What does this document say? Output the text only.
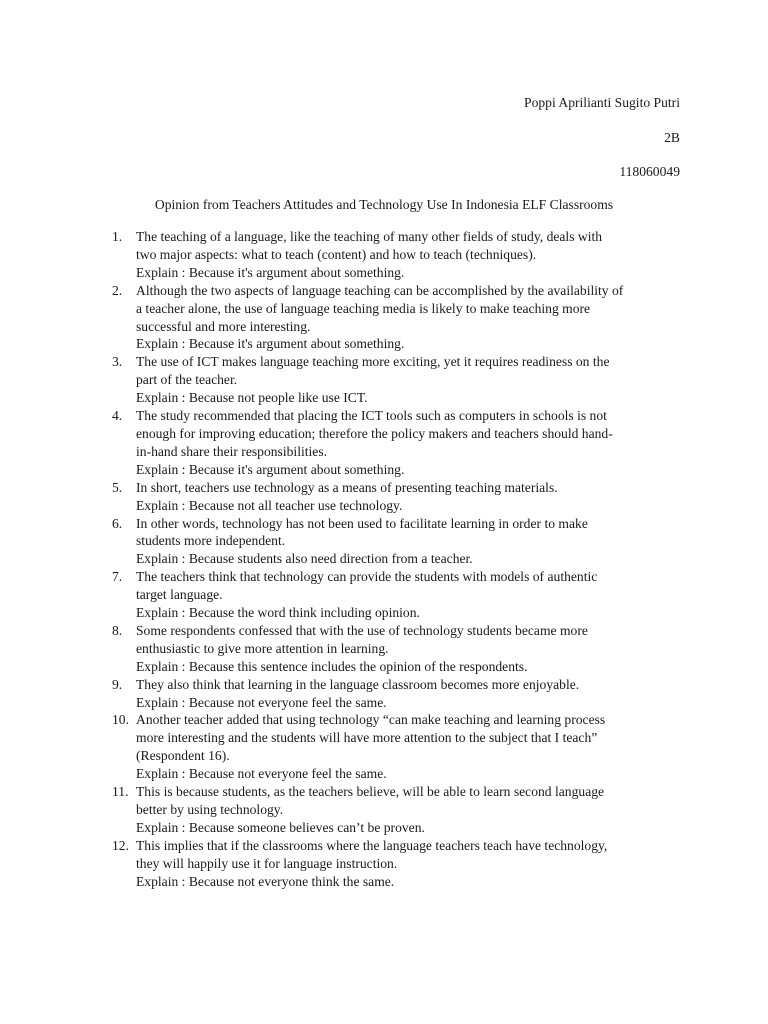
Poppi Aprilianti Sugito Putri
2B
118060049
Opinion from Teachers Attitudes and Technology Use In Indonesia ELF Classrooms
1. The teaching of a language, like the teaching of many other fields of study, deals with
two major aspects: what to teach (content) and how to teach (techniques).
Explain : Because it's argument about something.
2. Although the two aspects of language teaching can be accomplished by the availability of
a teacher alone, the use of language teaching media is likely to make teaching more
successful and more interesting.
Explain : Because it's argument about something.
3. The use of ICT makes language teaching more exciting, yet it requires readiness on the
part of the teacher.
Explain : Because not people like use ICT.
4. The study recommended that placing the ICT tools such as computers in schools is not
enough for improving education; therefore the policy makers and teachers should hand-
in-hand share their responsibilities.
Explain : Because it's argument about something.
5. In short, teachers use technology as a means of presenting teaching materials.
Explain : Because not all teacher use technology.
6. In other words, technology has not been used to facilitate learning in order to make
students more independent.
Explain : Because students also need direction from a teacher.
7. The teachers think that technology can provide the students with models of authentic
target language.
Explain : Because the word think including opinion.
8. Some respondents confessed that with the use of technology students became more
enthusiastic to give more attention in learning.
Explain : Because this sentence includes the opinion of the respondents.
9. They also think that learning in the language classroom becomes more enjoyable.
Explain : Because not everyone feel the same.
10. Another teacher added that using technology “can make teaching and learning process
more interesting and the students will have more attention to the subject that I teach”
(Respondent 16).
Explain : Because not everyone feel the same.
11. This is because students, as the teachers believe, will be able to learn second language
better by using technology.
Explain : Because someone believes can’t be proven.
12. This implies that if the classrooms where the language teachers teach have technology,
they will happily use it for language instruction.
Explain : Because not everyone think the same.
